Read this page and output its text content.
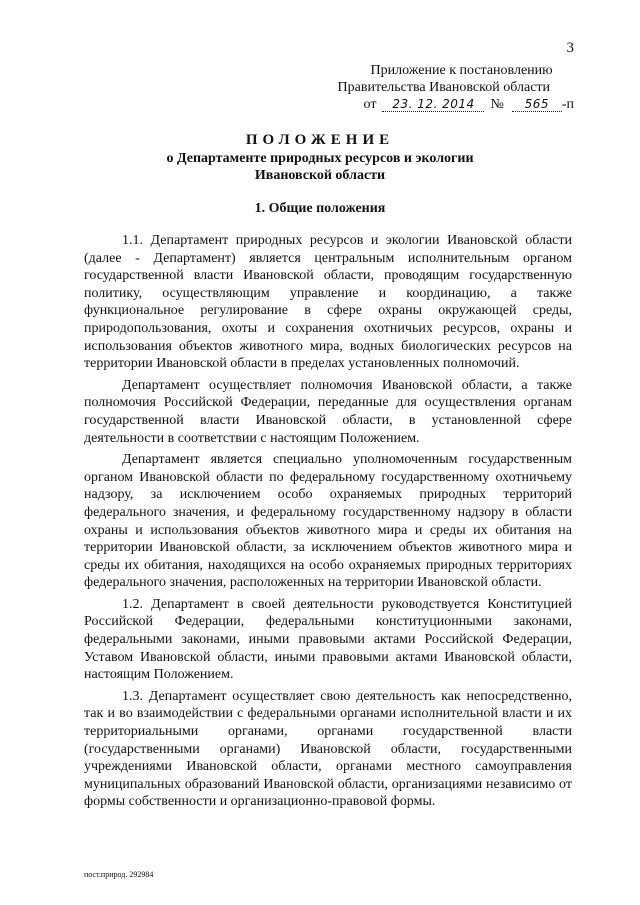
3
Приложение к постановлению
Правительства Ивановской области
от	23. 12. 2014	№	565 -п
ПОЛОЖЕНИЕ
о Департаменте природных ресурсов и экологии
Ивановской области
1. Общие положения

1.1. Департамент природных ресурсов и экологии Ивановской области (далее - Департамент) является центральным исполнительным органом государственной власти Ивановской области, проводящим государственную политику, осуществляющим управление и координацию, а также функциональное регулирование в сфере охраны окружающей среды, природопользования, охоты и сохранения охотничьих ресурсов, охраны и использования объектов животного мира, водных биологических ресурсов на территории Ивановской области в пределах установленных полномочий.

Департамент осуществляет полномочия Ивановской области, а также полномочия Российской Федерации, переданные для осуществления органам государственной власти Ивановской области, в установленной сфере деятельности в соответствии с настоящим Положением.

Департамент является специально уполномоченным государственным органом Ивановской области по федеральному государственному охотничьему надзору, за исключением особо охраняемых природных территорий федерального значения, и федеральному государственному надзору в области охраны и использования объектов животного мира и среды их обитания на территории Ивановской области, за исключением объектов животного мира и среды их обитания, находящихся на особо охраняемых природных территориях федерального значения, расположенных на территории Ивановской области.

1.2. Департамент в своей деятельности руководствуется Конституцией Российской Федерации, федеральными конституционными законами, федеральными законами, иными правовыми актами Российской Федерации, Уставом Ивановской области, иными правовыми актами Ивановской области, настоящим Положением.

1.3. Департамент осуществляет свою деятельность как непосредственно, так и во взаимодействии с федеральными органами исполнительной власти и их территориальными органами, органами государственной власти (государственными органами) Ивановской области, государственными учреждениями Ивановской области, органами местного самоуправления муниципальных образований Ивановской области, организациями независимо от формы собственности и организационно-правовой формы.

пост.природ. 292984
